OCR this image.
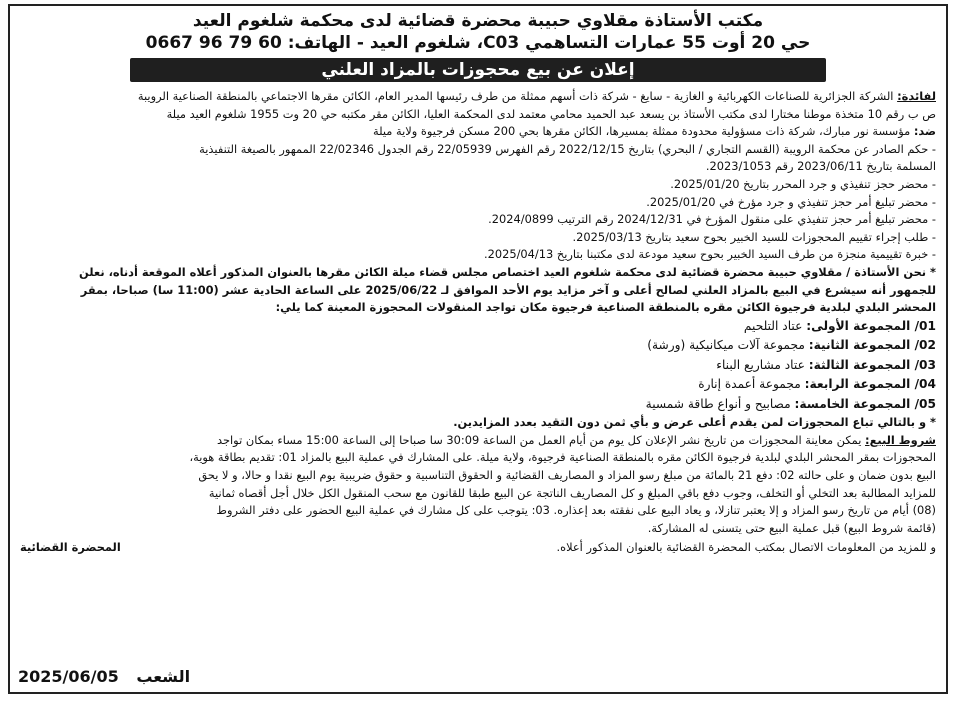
مكتب الأستاذة مقلاوي حبيبة محضرة قضائية لدى محكمة شلغوم العيد
حي 20 أوت 55 عمارات التساهمي C03، شلغوم العيد - الهاتف: 60 79 96 0667
إعلان عن بيع محجوزات بالمزاد العلني
لفائدة: الشركة الجزائرية للصناعات الكهربائية و الغازية - سايغ - شركة ذات أسهم ممثلة من طرف رئيسها المدير العام، الكائن مقرها الاجتماعي بالمنطقة الصناعية الرويبة
ص ب رقم 10 متخذة موطنا مختارا لدى مكتب الأستاذ بن يسعد عبد الحميد محامي معتمد لدى المحكمة العليا، الكائن مقر مكتبه حي 20 وت 1955 شلغوم العيد ميلة
ضد: مؤسسة نور مبارك، شركة ذات مسؤولية محدودة ممثلة بمسيرها، الكائن مقرها بحي 200 مسكن فرجيوة ولاية ميلة
- حكم الصادر عن محكمة الرويبة (القسم التجاري / البحري) بتاريخ 2022/12/15 رقم الفهرس 22/05939 رقم الجدول 22/02346 الممهور بالصيغة التنفيذية
المسلمة بتاريخ 2023/06/11 رقم 2023/1053.
- محضر حجز تنفيذي و جرد المحرر بتاريخ 2025/01/20.
- محضر تبليغ أمر حجز تنفيذي و جرد مؤرخ في 2025/01/20.
- محضر تبليغ أمر حجز تنفيذي على منقول المؤرخ في 2024/12/31 رقم الترتيب 2024/0899.
- طلب إجراء تقييم المحجوزات للسيد الخبير بحوح سعيد بتاريخ 2025/03/13.
- خبرة تقييمية منجزة من طرف السيد الخبير بحوح سعيد مودعة لدى مكتبنا بتاريخ 2025/04/13.
* نحن الأستاذة / مقلاوي حبيبة محضرة قضائية لدى محكمة شلغوم العيد اختصاص مجلس قضاء ميلة الكائن مقرها بالعنوان المذكور أعلاه الموقعة أدناه، نعلن
للجمهور أنه سيشرع في البيع بالمزاد العلني لصالح أعلى و آخر مزايد يوم الأحد الموافق لـ 2025/06/22 على الساعة الحادية عشر (11:00 سا) صباحا، بمقر
المحشر البلدي لبلدية فرجيوة الكائن مقره بالمنطقة الصناعية فرجيوة مكان تواجد المنقولات المحجوزة المعينة كما يلي:
01/ المجموعة الأولى: عتاد التلحيم
02/ المجموعة الثانية: مجموعة آلات ميكانيكية (ورشة)
03/ المجموعة الثالثة: عتاد مشاريع البناء
04/ المجموعة الرابعة: مجموعة أعمدة إنارة
05/ المجموعة الخامسة: مصابيح و أنواع طاقة شمسية
* و بالتالي تباع المحجوزات لمن يقدم أعلى عرض و بأي ثمن دون التقيد بعدد المزايدين.
شروط البيع: يمكن معاينة المحجوزات من تاريخ نشر الإعلان كل يوم من أيام العمل من الساعة 30:09 سا صباحا إلى الساعة 15:00 مساء بمكان تواجد
المحجوزات بمقر المحشر البلدي لبلدية فرجيوة الكائن مقره بالمنطقة الصناعية فرجيوة، ولاية ميلة. على المشارك في عملية البيع بالمزاد 01: تقديم بطاقة هوية،
البيع بدون ضمان و على حالته 02: دفع 21 بالمائة من مبلغ رسو المزاد و المصاريف القضائية و الحقوق التناسبية و حقوق ضريبية يوم البيع نقدا و حالا، و لا يحق
للمزايد المطالبة بعد التخلي أو التخلف، وجوب دفع باقي المبلغ و كل المصاريف الناتجة عن البيع طبقا للقانون مع سحب المنقول الكل خلال أجل أقصاه ثمانية
(08) أيام من تاريخ رسو المزاد و إلا يعتبر تنازلا، و يعاد البيع على نفقته بعد إعذاره. 03: يتوجب على كل مشارك في عملية البيع الحضور على دفتر الشروط
(قائمة شروط البيع) قبل عملية البيع حتى يتسنى له المشاركة.
و للمزيد من المعلومات الاتصال بمكتب المحضرة القضائية بالعنوان المذكور أعلاه.
المحضرة القضائية
2025/06/05 الشعب
